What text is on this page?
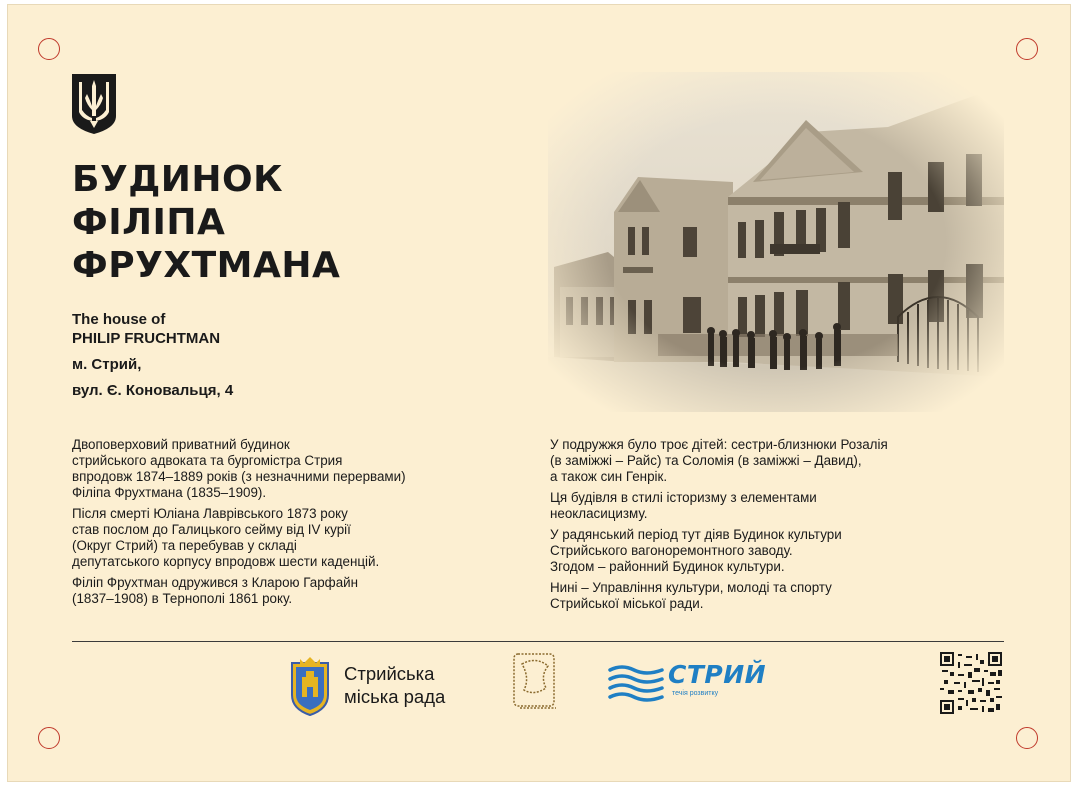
БУДИНОК
ФІЛІПА
ФРУХТМАНА
The house of
PHILIP FRUCHTMAN
м. Стрий,
вул. Є. Коновальця, 4

Двоповерховий приватний будинок
стрийського адвоката та бургомістра Стрия
впродовж 1874–1889 років (з незначними перервами)
Філіпа Фрухтмана (1835–1909).

Після смерті Юліана Лаврівського 1873 року
став послом до Галицького сейму від IV курії
(Округ Стрий) та перебував у складі
депутатського корпусу впродовж шести каденцій.

Філіп Фрухтман одружився з Кларою Гарфайн
(1837–1908) в Тернополі 1861 року.

У подружжя було троє дітей: сестри-близнюки Розалія
(в заміжжі – Райс) та Соломія (в заміжжі – Давид),
а також син Генрік.

Ця будівля в стилі історизму з елементами
неокласицизму.

У радянський період тут діяв Будинок культури
Стрийського вагоноремонтного заводу.
Згодом – районний Будинок культури.

Нині – Управління культури, молоді та спорту
Стрийської міської ради.

Стрийська
міська рада
СТРИЙ
течія розвитку
